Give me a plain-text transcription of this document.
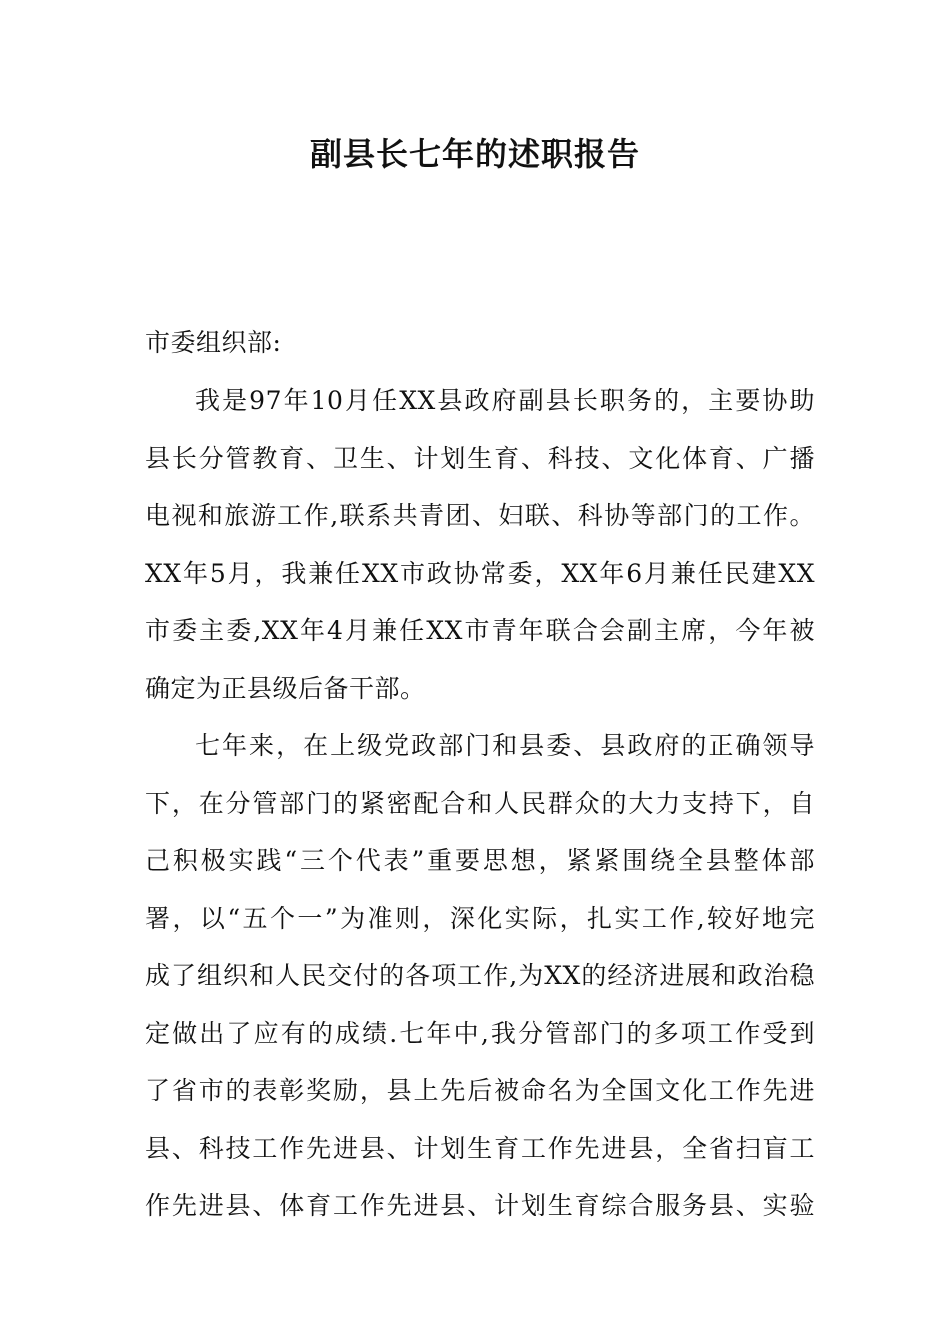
副县长七年的述职报告
市委组织部:
我是97年10月任XX县政府副县长职务的，主要协助
县长分管教育、卫生、计划生育、科技、文化体育、广播
电视和旅游工作,联系共青团、妇联、科协等部门的工作。
XX年5月，我兼任XX市政协常委，XX年6月兼任民建XX
市委主委,XX年4月兼任XX市青年联合会副主席，今年被
确定为正县级后备干部。
七年来，在上级党政部门和县委、县政府的正确领导
下，在分管部门的紧密配合和人民群众的大力支持下，自
己积极实践“三个代表”重要思想，紧紧围绕全县整体部
署，以“五个一”为准则，深化实际，扎实工作,较好地完
成了组织和人民交付的各项工作,为XX的经济进展和政治稳
定做出了应有的成绩.七年中,我分管部门的多项工作受到
了省市的表彰奖励，县上先后被命名为全国文化工作先进
县、科技工作先进县、计划生育工作先进县，全省扫盲工
作先进县、体育工作先进县、计划生育综合服务县、实验
